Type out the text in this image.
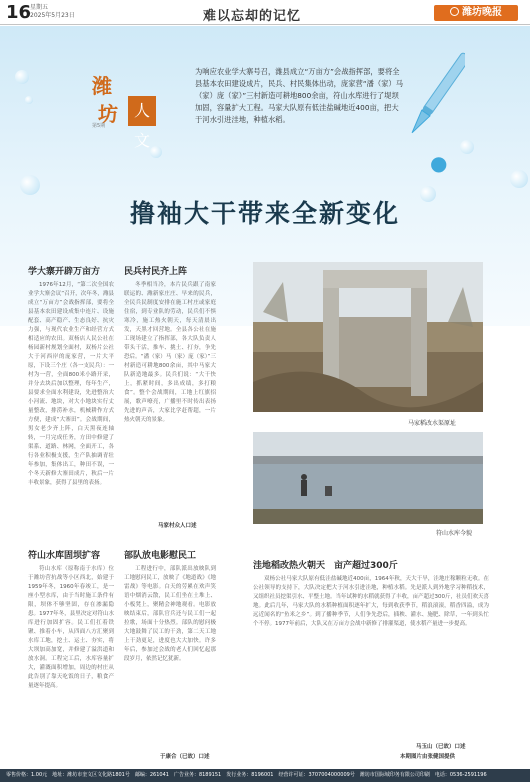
16
星期五
2025年5月23日	难以忘却的记忆	潍坊晚报
潍
坊 人文
第5期
为响应农业学大寨号召，潍县成立“万亩方”会战指挥部，要将全县基本农田建设成片，民兵、村民集体出动，庞家营“潘（家）马（家）庞（家）”三村新造可耕地800余亩，符山水库进行了堤坝加固，容量扩大工程。马家大队原有低洼盐碱地近400亩，把大于河水引进洼地，种植水稻。
●
撸袖大干带来全新变化
学大寨开辟万亩方
1976年12月，“第二次全国农业学大寨会议”召开，次年冬，潍县成立“万亩方”会战指挥部，要将全县基本农田建设成集中连片、设施配套、高产稳产、生态良好、抗灾力强，与现代农业生产和经营方式相适应的农田。双杨店人民公社在杨园新村规划全面村，双杨片公社大于河西岸的庞家营，一片大平原，下设三个庄（各一支民兵）：一村为一营，全面800米小路开采，并分去块后加以整理，每年生产，县要求全面水利建设，先进整治大小河流、地块，对大小地块实行丈量整改，排涝补水，机械耕作方式方便，建成“大寨田”。会战期间，男女老少齐上阵，白天黑夜连轴转，一月完成任务，方田中修建了渠系、道路、林网，全面开工，各行各业积极支援，生产队抽调青壮年参加，集体出工，种田不误，一个冬天新修大寨田成片，秋后一片丰收景象，获得了县里的表扬。
民兵村民齐上阵
冬季相当冷，本片民兵跟了南家联运的、潍新家庄庄、早来的民兵，全民兵民制度安排在施工村庄或家庭住宿，到专业队的劳动，民兵们不惧寒冷，施工热火朝天，每天清晨出发，天黑才回营地。全县各公社在施工现场建立了指挥部，各大队负责人带头干活，推车、挑土、打夯，争先恐后。“潘（家）马（家）庞（家）”三村新造可耕地800余亩，其中马家大队新造地最多。民兵们说：“大干快上，抓紧时间，多出成绩，多打粮食”。整个会战期间，工地上红旗招展，歌声嘹亮，广播里不时传出表扬先进的声音，大家比学赶帮超，一片热火朝天的景象。
马家村众人口述
马家稻改水渠原址
符山水库今貌
符山水库固坝扩容
符山水库（原称南于水库）位于潍坊营抗战等小区西北，始建于1959年冬，1960年春竣工，是一座小型水库，由于当时施工条件有限，坝体不够坚固，存在渗漏隐患。1977年冬，县里决定对符山水库进行加固扩容。民工们扛着铁锹、推着小车，从四面八方汇聚到水库工地，挖土、运土、夯实，将大坝加高加宽，并修建了溢洪道和放水洞。工程完工后，水库容量扩大，灌溉面积增加，周边的村庄从此告别了靠天吃饭的日子，粮食产量逐年提高。
部队放电影慰民工
工程进行中，部队派出放映队到工地慰问民工，放映了《地道战》《地雷战》等电影。白天的劳累在欢声笑语中烟消云散，民工们坐在土堆上、小板凳上，聚精会神地观看。电影放映结束后，部队官兵还与民工们一起拉歌，场面十分热烈。部队的慰问极大地鼓舞了民工的干劲，第二天工地上干劲更足，进度也大大加快。许多年后，参加过会战的老人们回忆起那段岁月，依然记忆犹新。
于康合（已故）口述
洼地稻改热火朝天　亩产超过300斤
双杨公社马家大队原有低洼盐碱地近400亩，1964年秋，天大干旱，洼地庄稼颗粒无收。在公社领导的支持下，大队决定把大于河水引进洼地，种植水稻。先是派人到外地学习种稻技术，又组织社员挖渠引水、平整土地。当年试种的水稻就获得了丰收，亩产超过300斤，社员们欢天喜地。此后几年，马家大队的水稻种植面积逐年扩大，每到收获季节，稻浪滚滚，稻香四溢，成为远近闻名的“鱼米之乡”。到了播种季节，人们争先恐后，插秧、灌水、施肥、除草，一年到头忙个不停。1977年前后，大队又在万亩方会战中新修了排灌渠道，使水稻产量进一步提高。
马玉山（已故）口述
本期图片由张健国提供
零售价格：1.00元　地址：潍坊市奎文区文化路1801号　邮编：261041　广告业务：8189151　发行业务：8196001　经营许可证：3707004000009号　潍坊市国际城印务有限公司印刷　电话：0536-2591196
